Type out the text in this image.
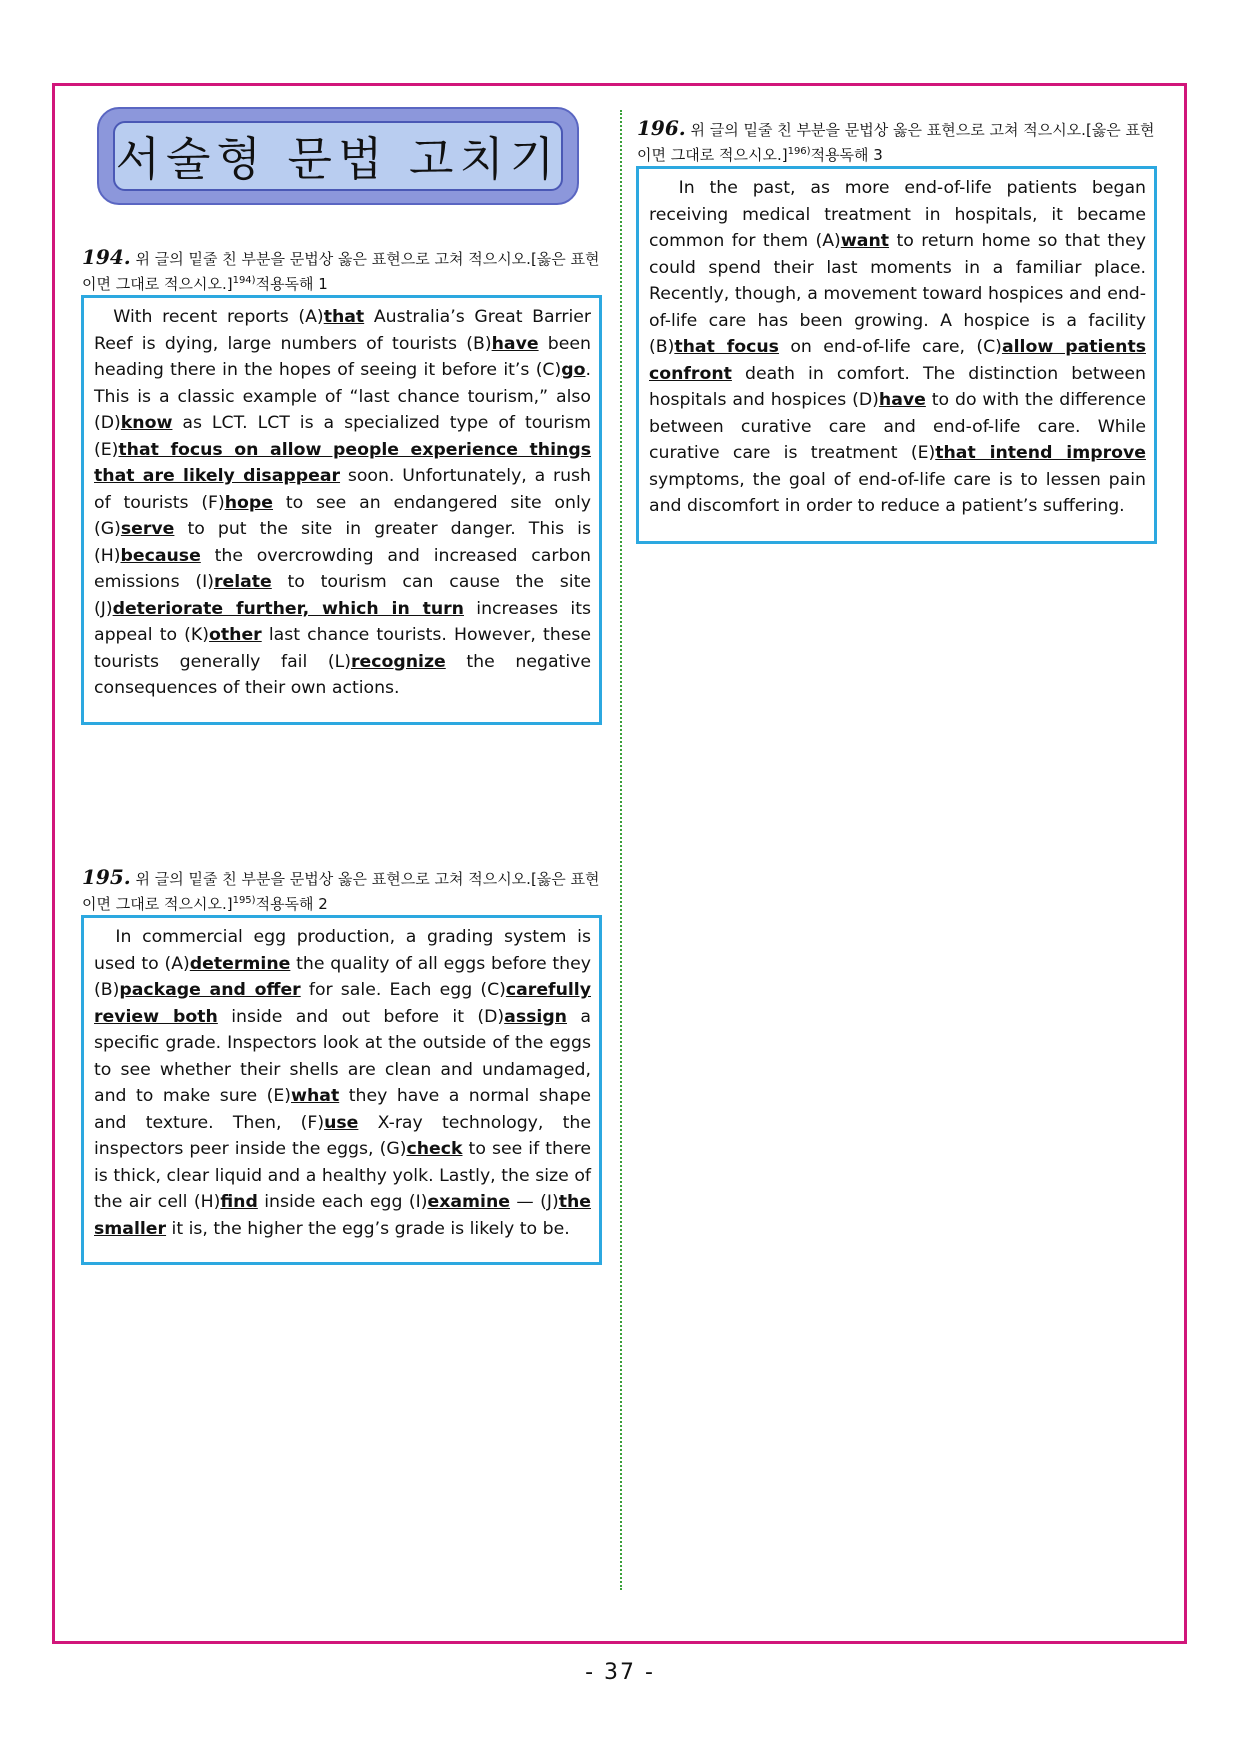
서술형 문법 고치기
194. 위 글의 밑줄 친 부분을 문법상 옳은 표현으로 고쳐 적으시오.[옳은 표현이면 그대로 적으시오.]$^{194)}$적용독해 1
With recent reports (A)that Australia’s Great Barrier Reef is dying, large numbers of tourists (B)have been heading there in the hopes of seeing it before it’s (C)go. This is a classic example of “last chance tourism,” also (D)know as LCT. LCT is a specialized type of tourism (E)that focus on allow people experience things that are likely disappear soon. Unfortunately, a rush of tourists (F)hope to see an endangered site only (G)serve to put the site in greater danger. This is (H)because the overcrowding and increased carbon emissions (I)relate to tourism can cause the site (J)deteriorate further, which in turn increases its appeal to (K)other last chance tourists. However, these tourists generally fail (L)recognize the negative consequences of their own actions.
195. 위 글의 밑줄 친 부분을 문법상 옳은 표현으로 고쳐 적으시오.[옳은 표현이면 그대로 적으시오.]$^{195)}$적용독해 2
In commercial egg production, a grading system is used to (A)determine the quality of all eggs before they (B)package and offer for sale. Each egg (C)carefully review both inside and out before it (D)assign a specific grade. Inspectors look at the outside of the eggs to see whether their shells are clean and undamaged, and to make sure (E)what they have a normal shape and texture. Then, (F)use X-ray technology, the inspectors peer inside the eggs, (G)check to see if there is thick, clear liquid and a healthy yolk. Lastly, the size of the air cell (H)find inside each egg (I)examine — (J)the smaller it is, the higher the egg’s grade is likely to be.
196. 위 글의 밑줄 친 부분을 문법상 옳은 표현으로 고쳐 적으시오.[옳은 표현이면 그대로 적으시오.]$^{196)}$적용독해 3
In the past, as more end-of-life patients began receiving medical treatment in hospitals, it became common for them (A)want to return home so that they could spend their last moments in a familiar place. Recently, though, a movement toward hospices and end-of-life care has been growing. A hospice is a facility (B)that focus on end-of-life care, (C)allow patients confront death in comfort. The distinction between hospitals and hospices (D)have to do with the difference between curative care and end-of-life care. While curative care is treatment (E)that intend improve symptoms, the goal of end-of-life care is to lessen pain and discomfort in order to reduce a patient’s suffering.
- 37 -
